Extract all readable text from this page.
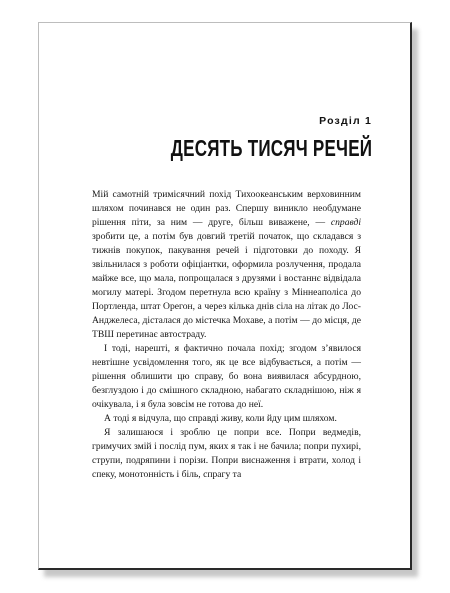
Розділ 1
ДЕСЯТЬ ТИСЯЧ РЕЧЕЙ

Мій самотній тримісячний похід Тихоокеанським верховинним шляхом починався не один раз. Спершу виникло необдумане рішення піти, за ним — друге, більш виважене, — справді зробити це, а потім був довгий третій початок, що складався з тижнів покупок, пакування речей і підготовки до походу. Я звільнилася з роботи офіціантки, оформила розлучення, продала майже все, що мала, попрощалася з друзями і востаннє відвідала могилу матері. Згодом перетнула всю країну з Міннеаполіса до Портленда, штат Орегон, а через кілька днів сіла на літак до Лос-Анджелеса, дісталася до містечка Мохаве, а потім — до місця, де ТВШ перетинає автостраду.

І тоді, нарешті, я фактично почала похід; згодом з’явилося невтішне усвідомлення того, як це все відбувається, а потім — рішення облишити цю справу, бо вона виявилася абсурдною, безглуздою і до смішного складною, набагато складнішою, ніж я очікувала, і я була зовсім не готова до неї.

А тоді я відчула, що справді живу, коли йду цим шляхом.

Я залишаюся і зроблю це попри все. Попри ведмедів, гримучих змій і послід пум, яких я так і не бачила; попри пухирі, струпи, подряпини і порізи. Попри виснаження і втрати, холод і спеку, монотонність і біль, спрагу та
